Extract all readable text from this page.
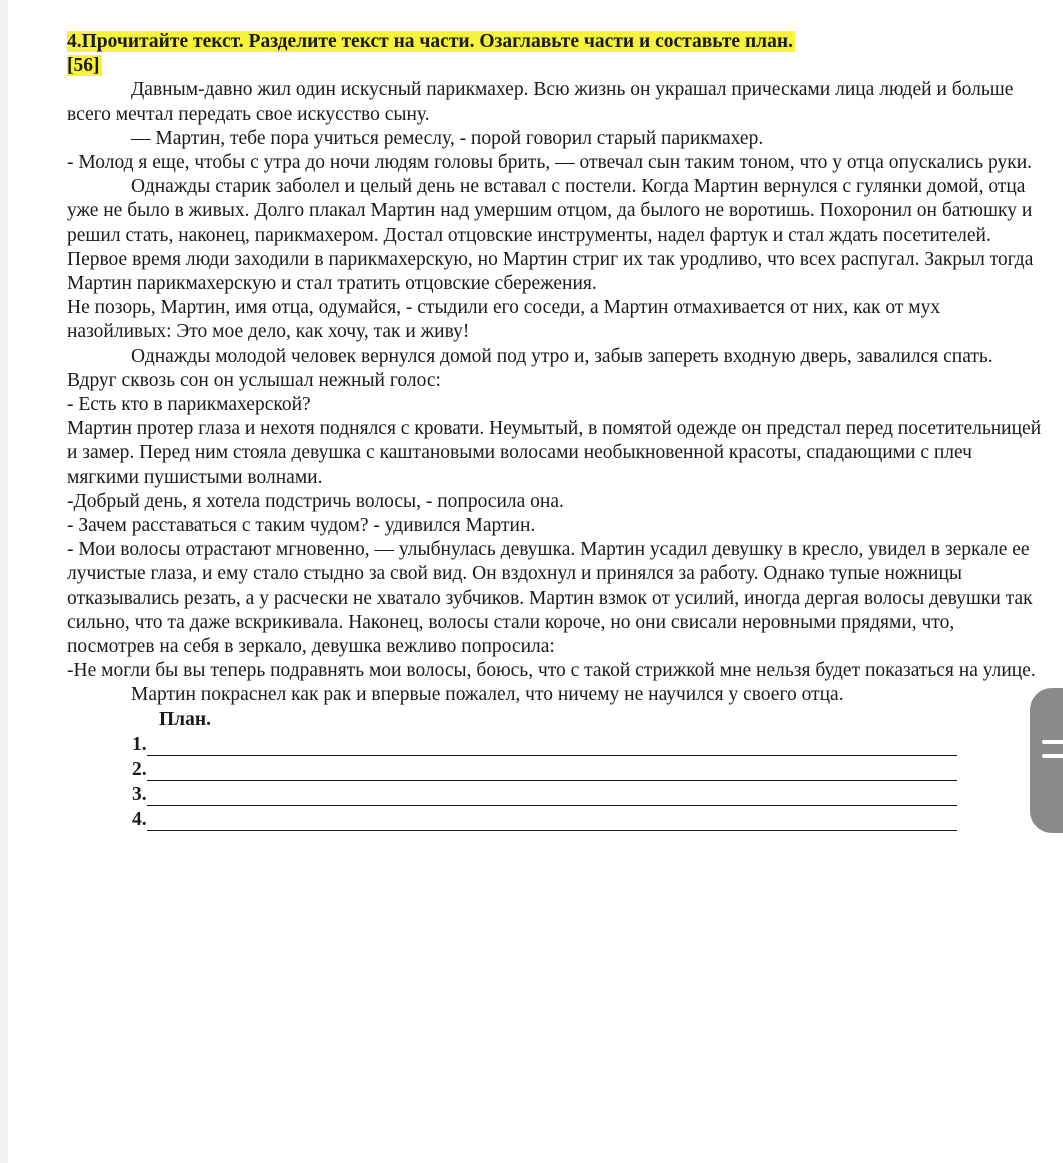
4.Прочитайте текст. Разделите текст на части. Озаглавьте части и составьте план.
[56]

Давным-давно жил один искусный парикмахер. Всю жизнь он украшал прическами лица людей и больше всего мечтал передать свое искусство сыну.

— Мартин, тебе пора учиться ремеслу, - порой говорил старый парикмахер.

- Молод я еще, чтобы с утра до ночи людям головы брить, — отвечал сын таким тоном, что у отца опускались руки.

Однажды старик заболел и целый день не вставал с постели. Когда Мартин вернулся с гулянки домой, отца уже не было в живых. Долго плакал Мартин над умершим отцом, да былого не воротишь. Похоронил он батюшку и решил стать, наконец, парикмахером. Достал отцовские инструменты, надел фартук и стал ждать посетителей. Первое время люди заходили в парикмахерскую, но Мартин стриг их так уродливо, что всех распугал. Закрыл тогда Мартин парикмахерскую и стал тратить отцовские сбережения.

Не позорь, Мартин, имя отца, одумайся, - стыдили его соседи, а Мартин отмахивается от них, как от мух назойливых: Это мое дело, как хочу, так и живу!

Однажды молодой человек вернулся домой под утро и, забыв запереть входную дверь, завалился спать. Вдруг сквозь сон он услышал нежный голос:

- Есть кто в парикмахерской?

Мартин протер глаза и нехотя поднялся с кровати. Неумытый, в помятой одежде он предстал перед посетительницей и замер. Перед ним стояла девушка с каштановыми волосами необыкновенной красоты, спадающими с плеч мягкими пушистыми волнами.

-Добрый день, я хотела подстричь волосы, - попросила она.

- Зачем расставаться с таким чудом? - удивился Мартин.

- Мои волосы отрастают мгновенно, — улыбнулась девушка. Мартин усадил девушку в кресло, увидел в зеркале ее лучистые глаза, и ему стало стыдно за свой вид. Он вздохнул и принялся за работу. Однако тупые ножницы отказывались резать, а у расчески не хватало зубчиков. Мартин взмок от усилий, иногда дергая волосы девушки так сильно, что та даже вскрикивала. Наконец, волосы стали короче, но они свисали неровными прядями, что, посмотрев на себя в зеркало, девушка вежливо попросила:

-Не могли бы вы теперь подравнять мои волосы, боюсь, что с такой стрижкой мне нельзя будет показаться на улице.

Мартин покраснел как рак и впервые пожалел, что ничему не научился у своего отца.

План.

1.
2.
3.
4.
